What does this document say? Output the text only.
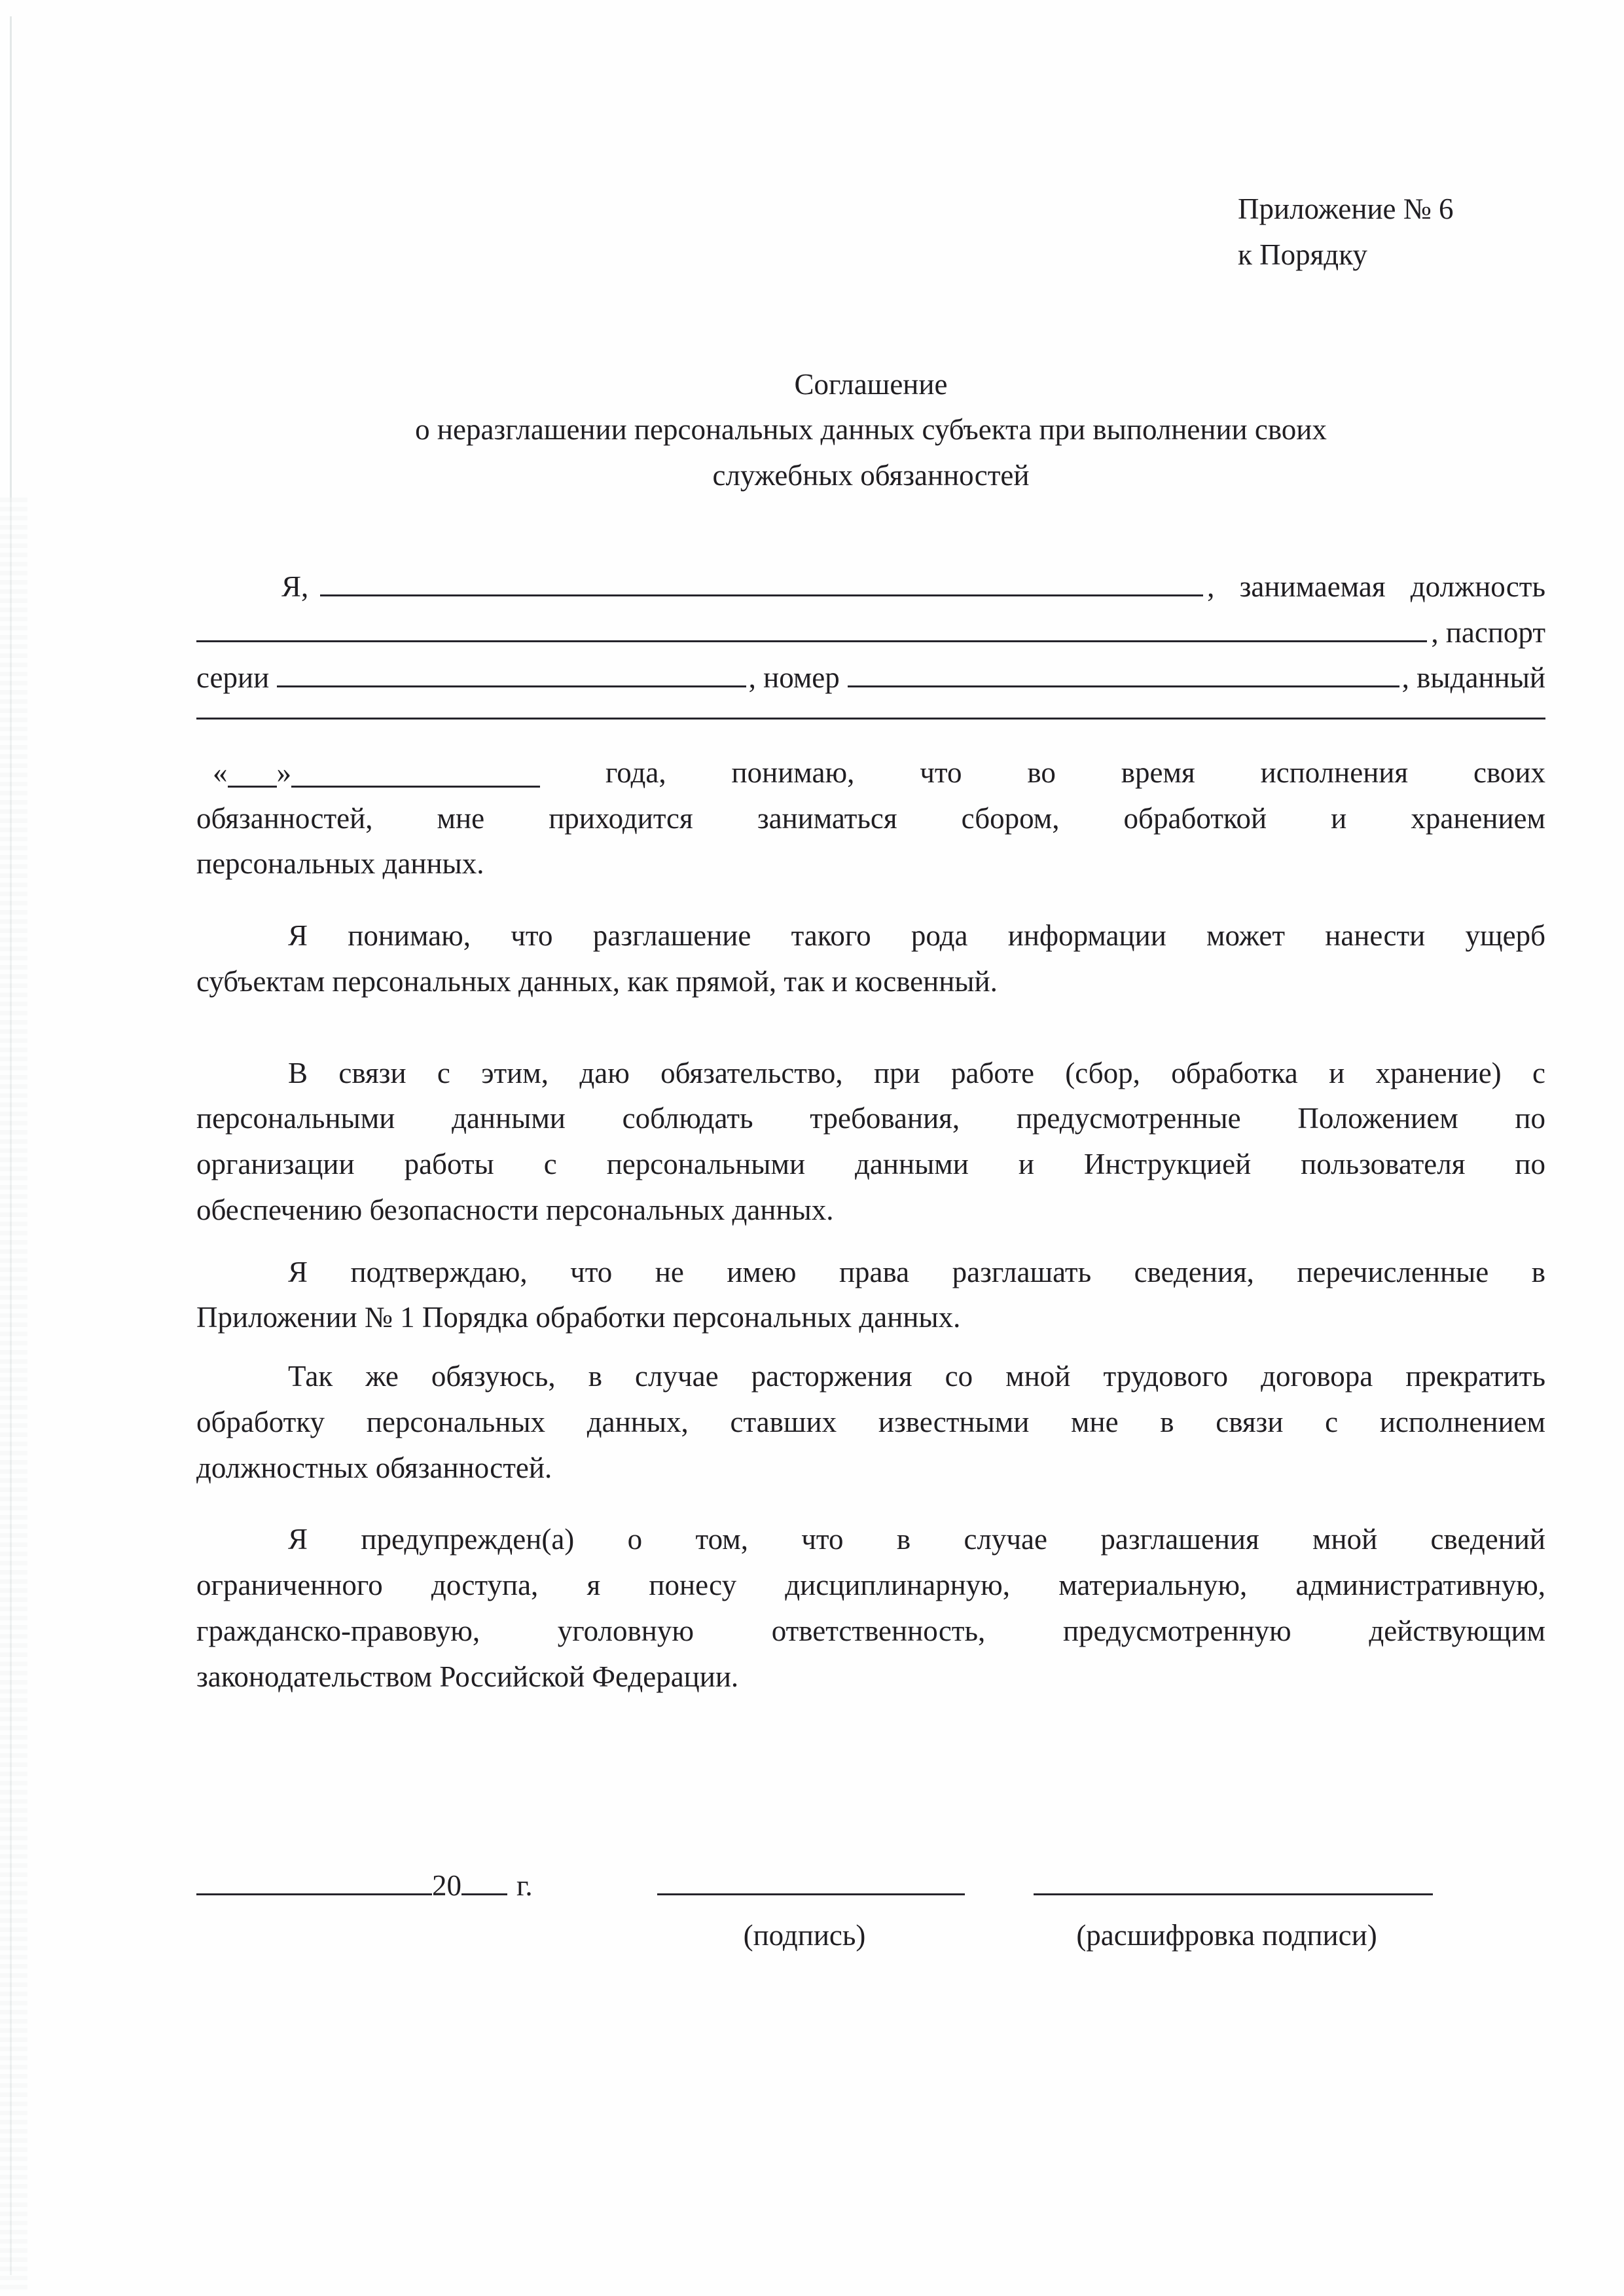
Приложение № 6
к Порядку
Соглашение
о неразглашении персональных данных субъекта при выполнении своих
служебных обязанностей
Я,	, занимаемая должность
, паспорт
серии	, номер	, выданный
« »	года, понимаю, что во время исполнения своих
обязанностей, мне приходится заниматься сбором, обработкой и хранением
персональных данных.
Я понимаю, что разглашение такого рода информации может нанести ущерб
субъектам персональных данных, как прямой, так и косвенный.
В связи с этим, даю обязательство, при работе (сбор, обработка и хранение) с
персональными данными соблюдать требования, предусмотренные Положением по
организации работы с персональными данными и Инструкцией пользователя по
обеспечению безопасности персональных данных.
Я подтверждаю, что не имею права разглашать сведения, перечисленные в
Приложении № 1 Порядка обработки персональных данных.
Так же обязуюсь, в случае расторжения со мной трудового договора прекратить
обработку персональных данных, ставших известными мне в связи с исполнением
должностных обязанностей.
Я предупрежден(а) о том, что в случае разглашения мной сведений
ограниченного доступа, я понесу дисциплинарную, материальную, административную,
гражданско-правовую, уголовную ответственность, предусмотренную действующим
законодательством Российской Федерации.
20 г.
(подпись)	(расшифровка подписи)
